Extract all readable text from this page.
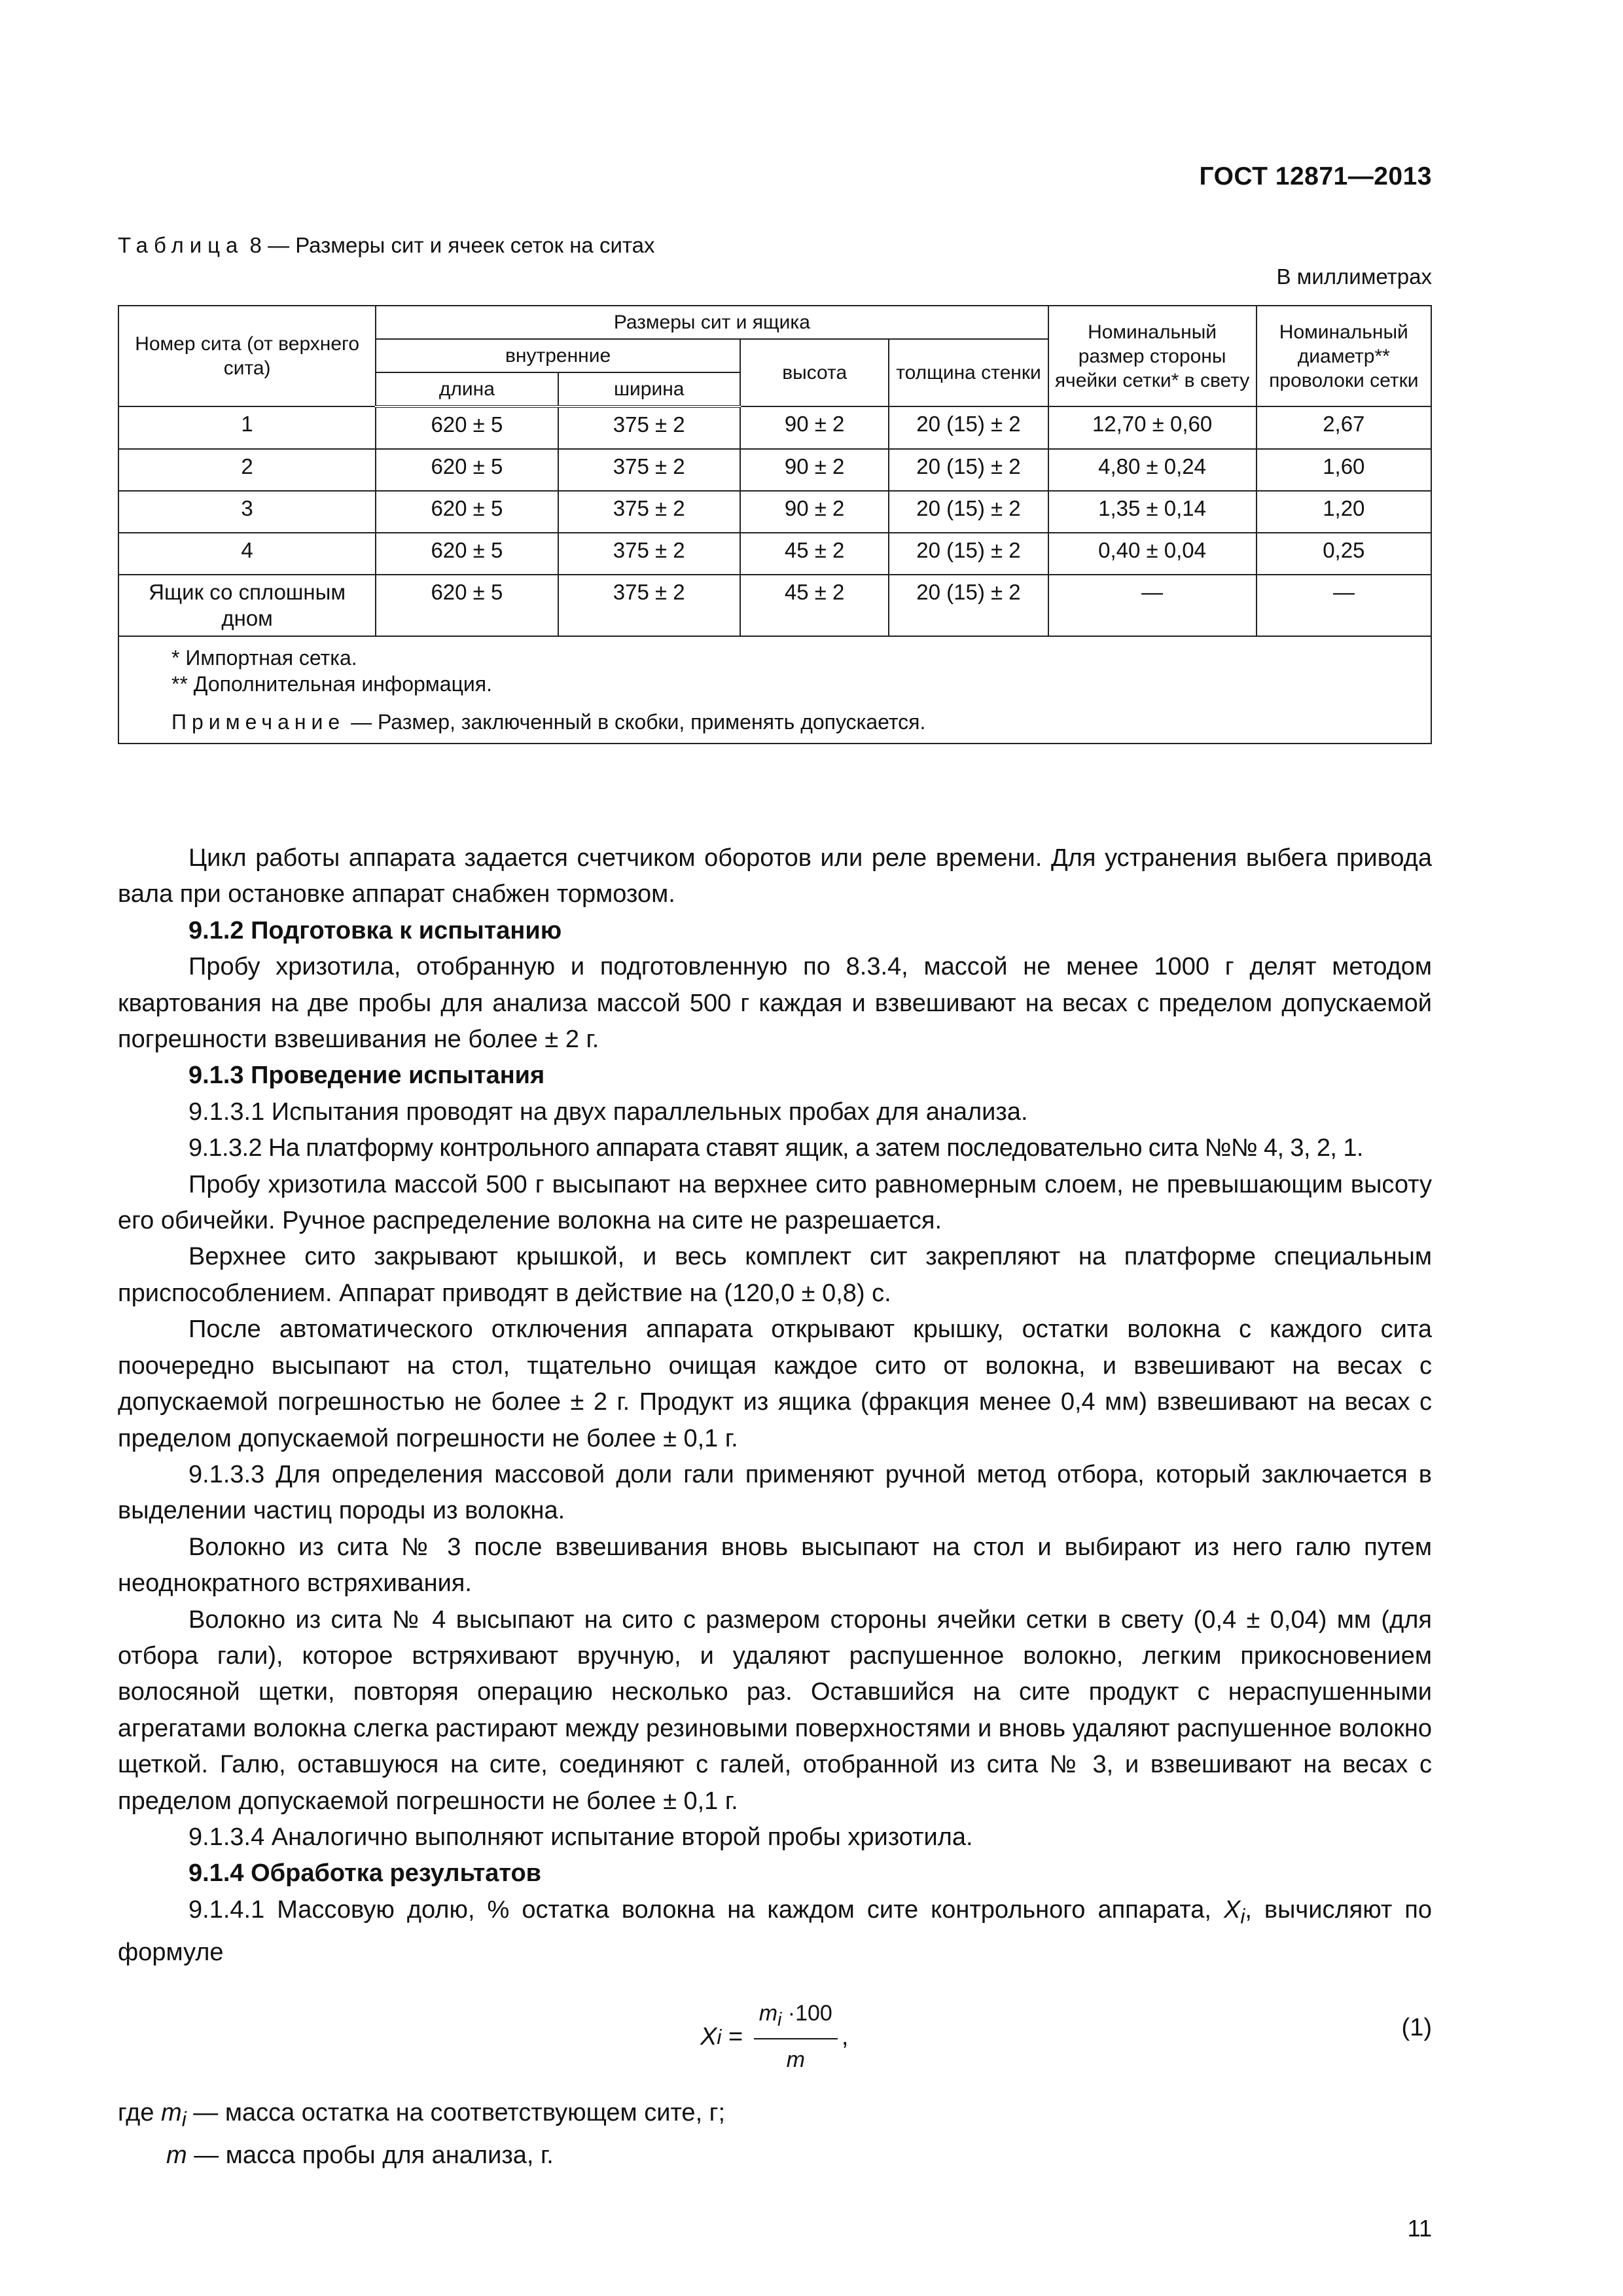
ГОСТ 12871—2013
Таблица 8 — Размеры сит и ячеек сеток на ситах
В миллиметрах
Номер сита (от верхнего сита)	Размеры сит и ящика				Номинальный размер стороны ячейки сетки* в свету	Номинальный диаметр** проволоки сетки
	внутренние		высота	толщина стенки		
	длина	ширина				
1	620 ± 5	375 ± 2	90 ± 2	20 (15) ± 2	12,70 ± 0,60	2,67
2	620 ± 5	375 ± 2	90 ± 2	20 (15) ± 2	4,80 ± 0,24	1,60
3	620 ± 5	375 ± 2	90 ± 2	20 (15) ± 2	1,35 ± 0,14	1,20
4	620 ± 5	375 ± 2	45 ± 2	20 (15) ± 2	0,40 ± 0,04	0,25
Ящик со сплошным дном	620 ± 5	375 ± 2	45 ± 2	20 (15) ± 2	—	—

* Импортная сетка.
** Дополнительная информация.
Примечание — Размер, заключенный в скобки, применять допускается.						

Цикл работы аппарата задается счетчиком оборотов или реле времени. Для устранения выбега привода вала при остановке аппарат снабжен тормозом.

9.1.2 Подготовка к испытанию

Пробу хризотила, отобранную и подготовленную по 8.3.4, массой не менее 1000 г делят методом квартования на две пробы для анализа массой 500 г каждая и взвешивают на весах с пределом допускаемой погрешности взвешивания не более ± 2 г.

9.1.3 Проведение испытания

9.1.3.1 Испытания проводят на двух параллельных пробах для анализа.

9.1.3.2 На платформу контрольного аппарата ставят ящик, а затем последовательно сита №№ 4, 3, 2, 1.

Пробу хризотила массой 500 г высыпают на верхнее сито равномерным слоем, не превышающим высоту его обичейки. Ручное распределение волокна на сите не разрешается.

Верхнее сито закрывают крышкой, и весь комплект сит закрепляют на платформе специальным приспособлением. Аппарат приводят в действие на (120,0 ± 0,8) с.

После автоматического отключения аппарата открывают крышку, остатки волокна с каждого сита поочередно высыпают на стол, тщательно очищая каждое сито от волокна, и взвешивают на весах с допускаемой погрешностью не более ± 2 г. Продукт из ящика (фракция менее 0,4 мм) взвешивают на весах с пределом допускаемой погрешности не более ± 0,1 г.

9.1.3.3 Для определения массовой доли гали применяют ручной метод отбора, который заключается в выделении частиц породы из волокна.

Волокно из сита № 3 после взвешивания вновь высыпают на стол и выбирают из него галю путем неоднократного встряхивания.

Волокно из сита № 4 высыпают на сито с размером стороны ячейки сетки в свету (0,4 ± 0,04) мм (для отбора гали), которое встряхивают вручную, и удаляют распушенное волокно, легким прикосновением волосяной щетки, повторяя операцию несколько раз. Оставшийся на сите продукт с нераспушенными агрегатами волокна слегка растирают между резиновыми поверхностями и вновь удаляют распушенное волокно щеткой. Галю, оставшуюся на сите, соединяют с галей, отобранной из сита № 3, и взвешивают на весах с пределом допускаемой погрешности не более ± 0,1 г.

9.1.3.4 Аналогично выполняют испытание второй пробы хризотила.

9.1.4 Обработка результатов

9.1.4.1 Массовую долю, % остатка волокна на каждом сите контрольного аппарата, $X_i$, вычисляют по формуле

X $i = \frac{m_i \cdot 100}{m}$ ,	(1)

где $m_i$ — масса остатка на соответствующем сите, г;

m — масса пробы для анализа, г.

11
